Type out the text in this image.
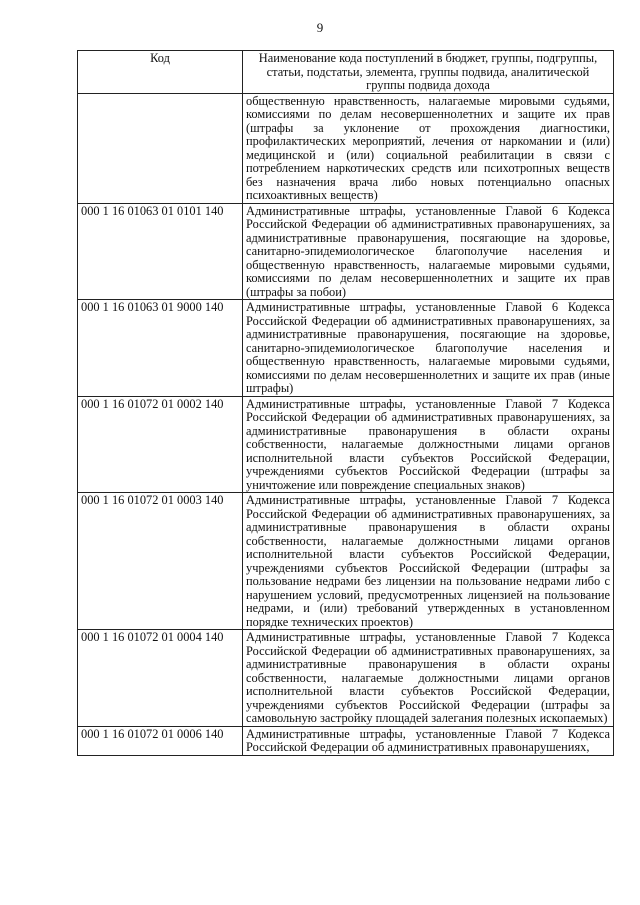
9
Код	Наименование кода поступлений в бюджет, группы, подгруппы, статьи, подстатьи, элемента, группы подвида, аналитической группы подвида дохода
	общественную нравственность, налагаемые мировыми судьями, комиссиями по делам несовершеннолетних и защите их прав (штрафы за уклонение от прохождения диагностики, профилактических мероприятий, лечения от наркомании и (или) медицинской и (или) социальной реабилитации в связи с потреблением наркотических средств или психотропных веществ без назначения врача либо новых потенциально опасных психоактивных веществ)
000 1 16 01063 01 0101 140	Административные штрафы, установленные Главой 6 Кодекса Российской Федерации об административных правонарушениях, за административные правонарушения, посягающие на здоровье, санитарно-эпидемиологическое благополучие населения и общественную нравственность, налагаемые мировыми судьями, комиссиями по делам несовершеннолетних и защите их прав (штрафы за побои)
000 1 16 01063 01 9000 140	Административные штрафы, установленные Главой 6 Кодекса Российской Федерации об административных правонарушениях, за административные правонарушения, посягающие на здоровье, санитарно-эпидемиологическое благополучие населения и общественную нравственность, налагаемые мировыми судьями, комиссиями по делам несовершеннолетних и защите их прав (иные штрафы)
000 1 16 01072 01 0002 140	Административные штрафы, установленные Главой 7 Кодекса Российской Федерации об административных правонарушениях, за административные правонарушения в области охраны собственности, налагаемые должностными лицами органов исполнительной власти субъектов Российской Федерации, учреждениями субъектов Российской Федерации (штрафы за уничтожение или повреждение специальных знаков)
000 1 16 01072 01 0003 140	Административные штрафы, установленные Главой 7 Кодекса Российской Федерации об административных правонарушениях, за административные правонарушения в области охраны собственности, налагаемые должностными лицами органов исполнительной власти субъектов Российской Федерации, учреждениями субъектов Российской Федерации (штрафы за пользование недрами без лицензии на пользование недрами либо с нарушением условий, предусмотренных лицензией на пользование недрами, и (или) требований утвержденных в установленном порядке технических проектов)
000 1 16 01072 01 0004 140	Административные штрафы, установленные Главой 7 Кодекса Российской Федерации об административных правонарушениях, за административные правонарушения в области охраны собственности, налагаемые должностными лицами органов исполнительной власти субъектов Российской Федерации, учреждениями субъектов Российской Федерации (штрафы за самовольную застройку площадей залегания полезных ископаемых)
000 1 16 01072 01 0006 140	Административные штрафы, установленные Главой 7 Кодекса Российской Федерации об административных правонарушениях,
